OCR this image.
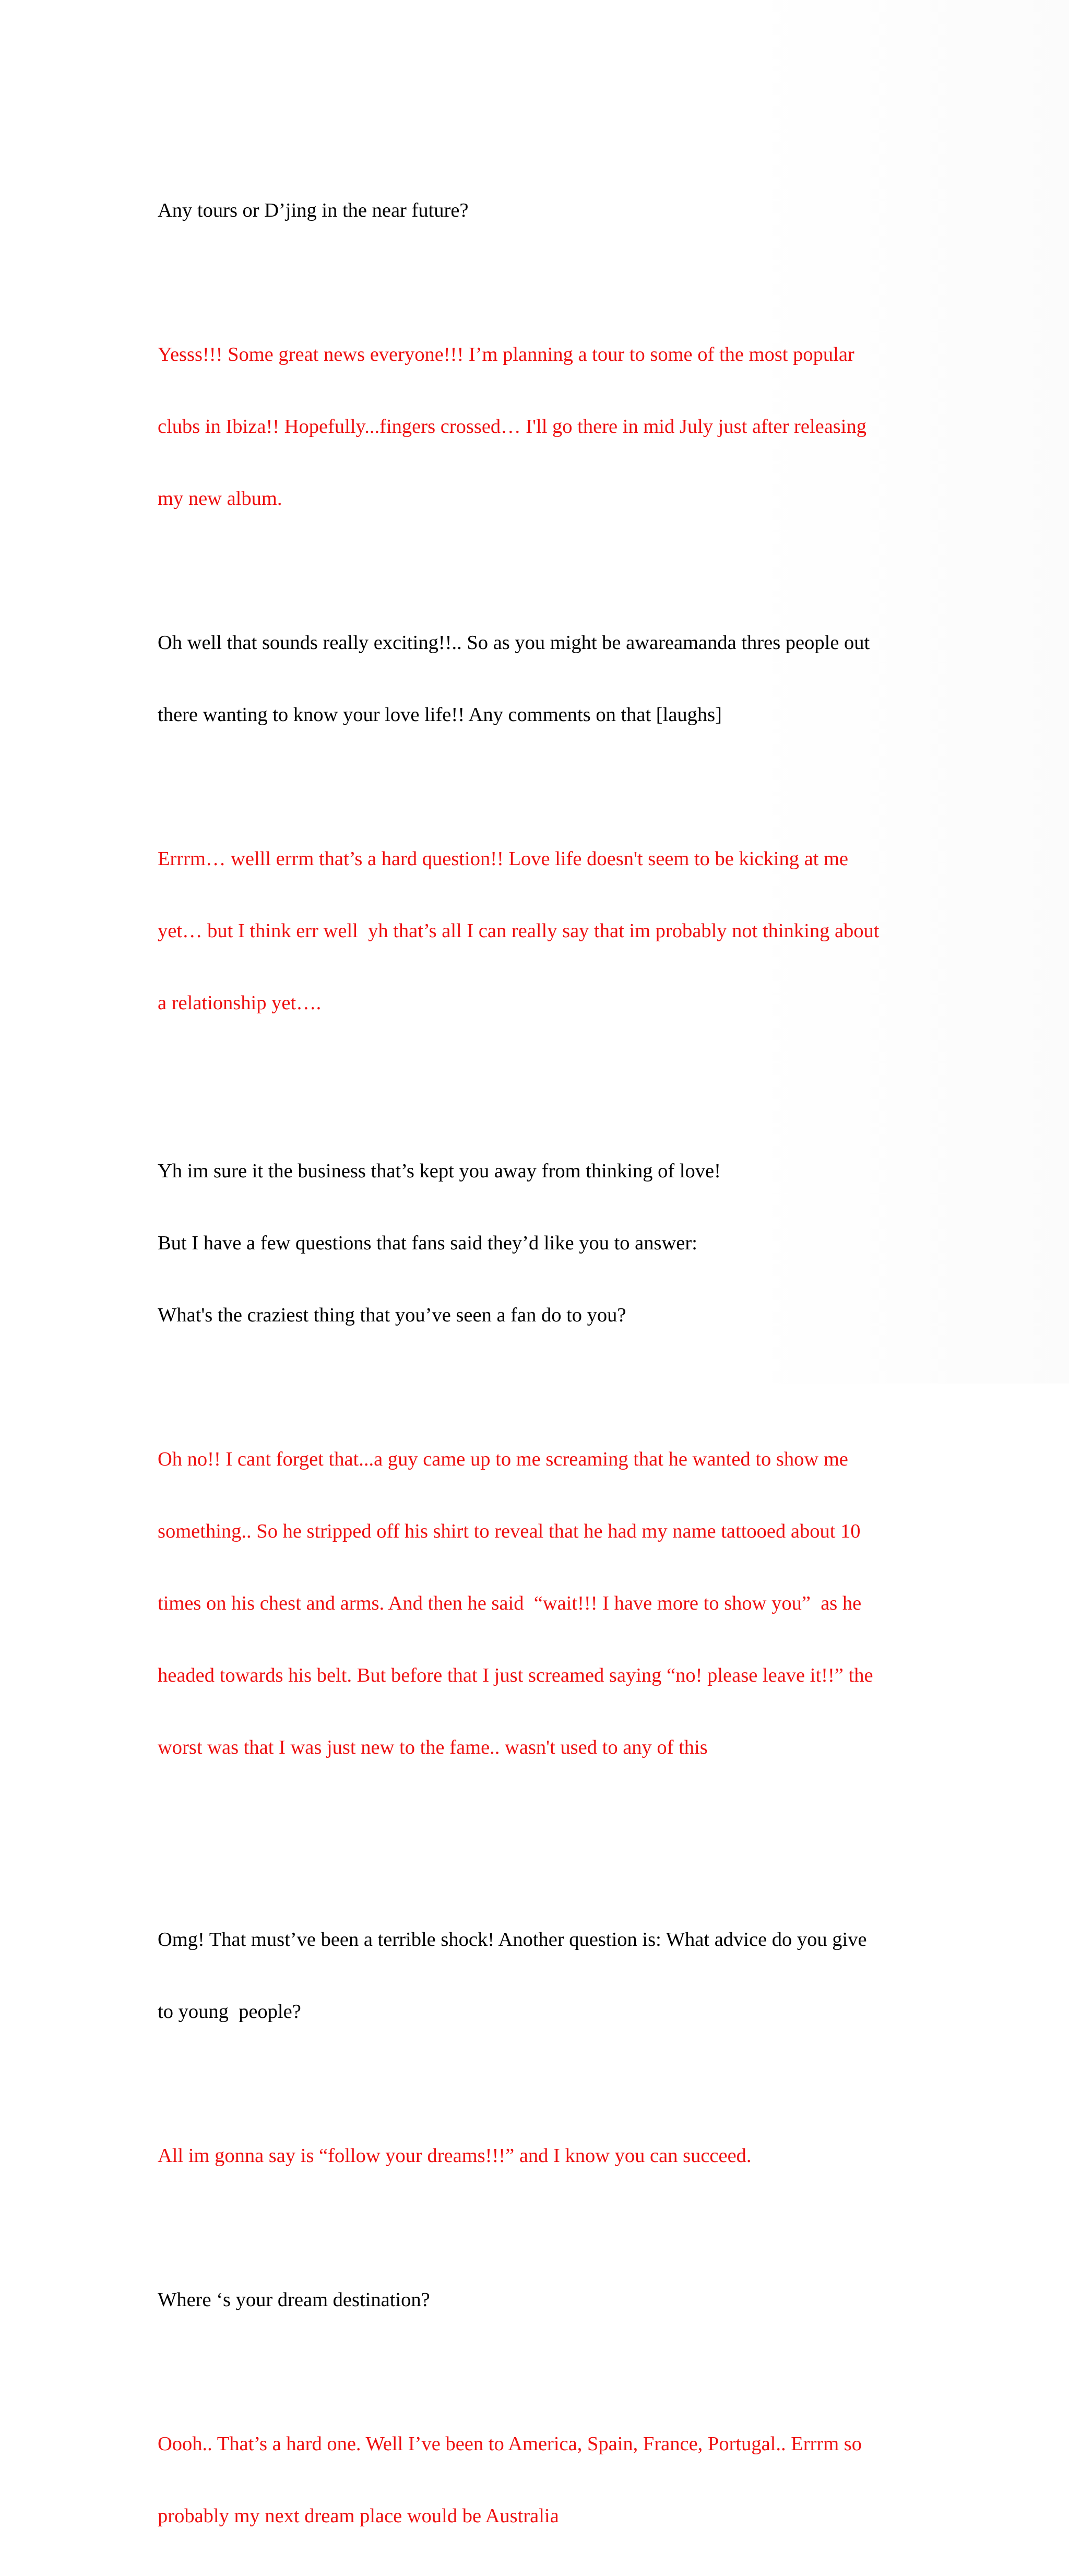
Any tours or D’jing in the near future?

Yesss!!! Some great news everyone!!! I’m planning a tour to some of the most popular

clubs in Ibiza!! Hopefully...fingers crossed… I'll go there in mid July just after releasing

my new album.

Oh well that sounds really exciting!!.. So as you might be awareamanda thres people out

there wanting to know your love life!! Any comments on that [laughs]

Errrm… welll errm that’s a hard question!! Love life doesn't seem to be kicking at me

yet… but I think err well  yh that’s all I can really say that im probably not thinking about

a relationship yet….

Yh im sure it the business that’s kept you away from thinking of love!

But I have a few questions that fans said they’d like you to answer:

What's the craziest thing that you’ve seen a fan do to you?

Oh no!! I cant forget that...a guy came up to me screaming that he wanted to show me

something.. So he stripped off his shirt to reveal that he had my name tattooed about 10

times on his chest and arms. And then he said  “wait!!! I have more to show you”  as he

headed towards his belt. But before that I just screamed saying “no! please leave it!!” the

worst was that I was just new to the fame.. wasn't used to any of this

Omg! That must’ve been a terrible shock! Another question is: What advice do you give

to young  people?

All im gonna say is “follow your dreams!!!” and I know you can succeed.

Where ‘s your dream destination?

Oooh.. That’s a hard one. Well I’ve been to America, Spain, France, Portugal.. Errrm so

probably my next dream place would be Australia
